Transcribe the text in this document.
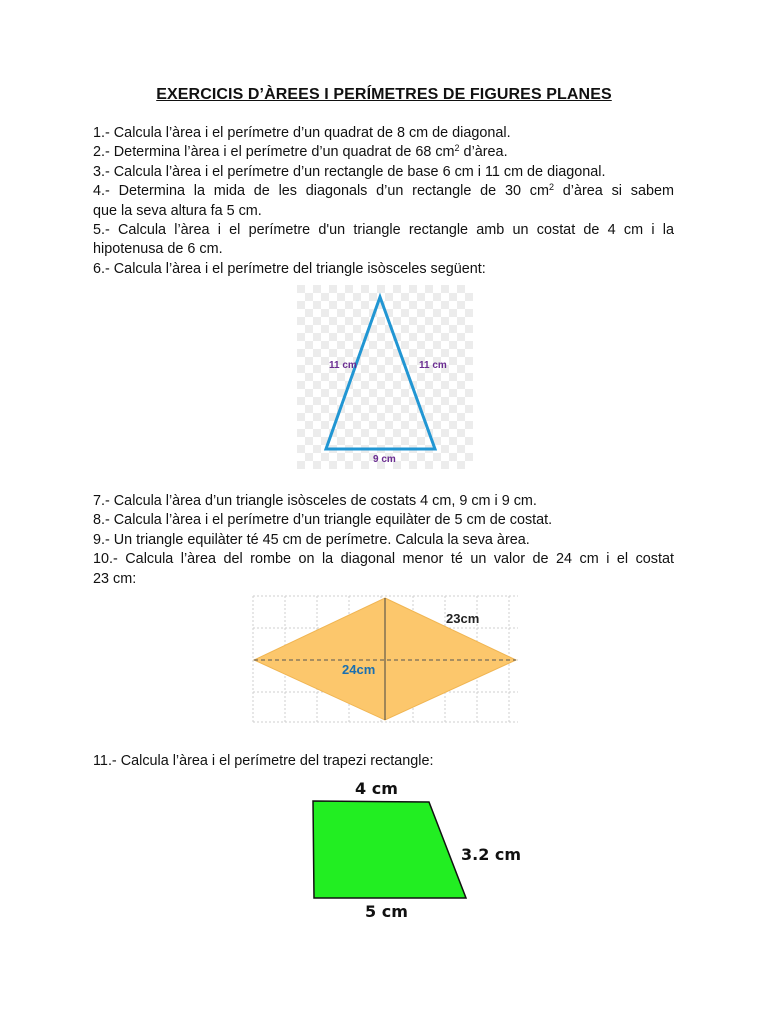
EXERCICIS D’ÀREES I PERÍMETRES DE FIGURES PLANES
1.- Calcula l’àrea i el perímetre d’un quadrat de 8 cm de diagonal.
2.- Determina l’àrea i el perímetre d’un quadrat de 68 $cm^2$ d’àrea.
3.- Calcula l’àrea i el perímetre d’un rectangle de base 6 cm i 11 cm de diagonal.
4.- Determina la mida de les diagonals d’un rectangle de 30 $cm^2$ d’àrea si sabem
que la seva altura fa 5 cm.
5.- Calcula l’àrea i el perímetre d'un triangle rectangle amb un costat de 4 cm i la
hipotenusa de 6 cm.
6.- Calcula l’àrea i el perímetre del triangle isòsceles següent:
11 cm	11 cm
9 cm
7.- Calcula l’àrea d’un triangle isòsceles de costats 4 cm, 9 cm i 9 cm.
8.- Calcula l’àrea i el perímetre d’un triangle equilàter de 5 cm de costat.
9.- Un triangle equilàter té 45 cm de perímetre. Calcula la seva àrea.
10.- Calcula l’àrea del rombe on la diagonal menor té un valor de 24 cm i el costat
23 cm:
23cm
24cm
11.- Calcula l’àrea i el perímetre del trapezi rectangle:
4 cm
3.2 cm
5 cm
